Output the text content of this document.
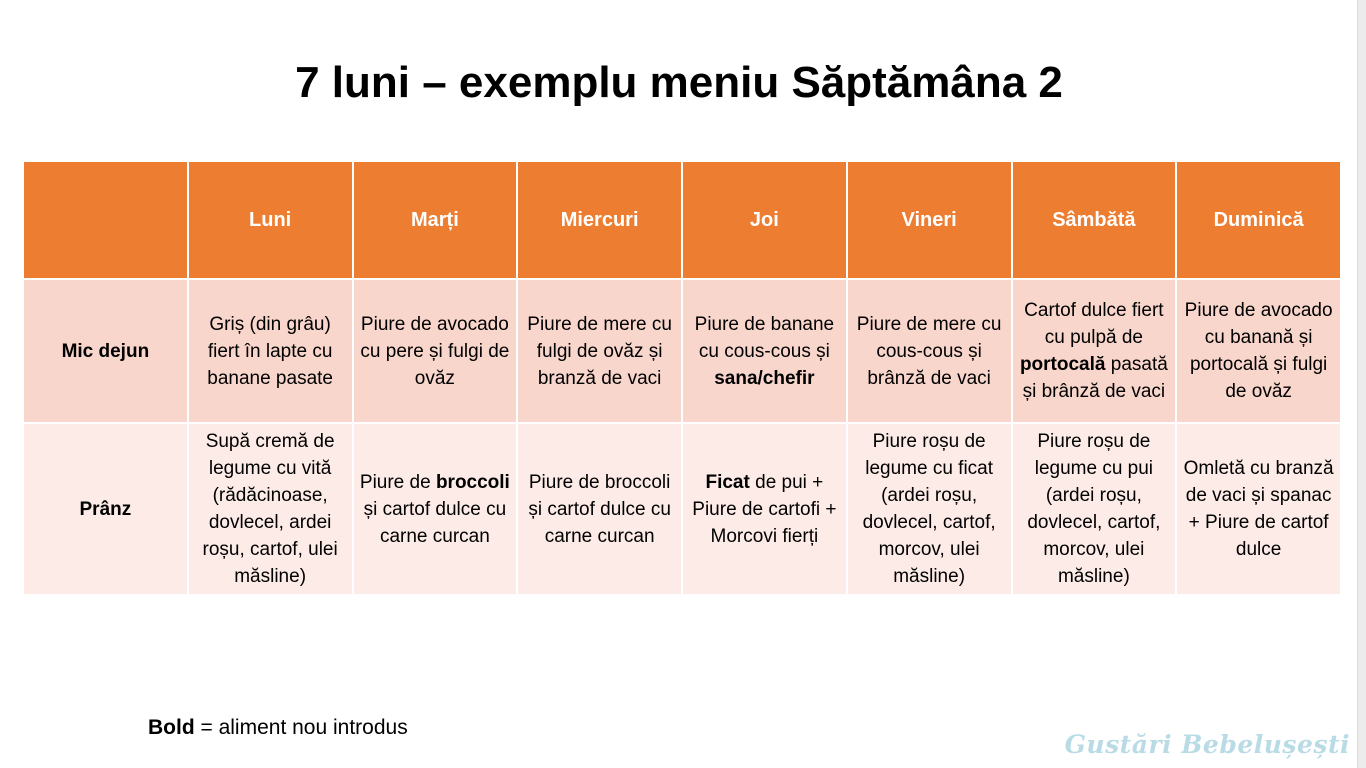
7 luni – exemplu meniu Săptămâna 2
	Luni	Marți	Miercuri	Joi	Vineri	Sâmbătă	Duminică
Mic dejun	Griș (din grâu) fiert în lapte cu banane pasate	Piure de avocado cu pere și fulgi de ovăz	Piure de mere cu fulgi de ovăz și branză de vaci	Piure de banane cu cous-cous și sana/chefir	Piure de mere cu cous-cous și brânză de vaci	Cartof dulce fiert cu pulpă de portocală pasată și brânză de vaci	Piure de avocado cu banană și portocală și fulgi de ovăz
Prânz	Supă cremă de legume cu vită (rădăcinoase, dovlecel, ardei roșu, cartof, ulei măsline)	Piure de broccoli și cartof dulce cu carne curcan	Piure de broccoli și cartof dulce cu carne curcan	Ficat de pui + Piure de cartofi + Morcovi fierți	Piure roșu de legume cu ficat (ardei roșu, dovlecel, cartof, morcov, ulei măsline)	Piure roșu de legume cu pui (ardei roșu, dovlecel, cartof, morcov, ulei măsline)	Omletă cu branză de vaci și spanac + Piure de cartof dulce
Bold = aliment nou introdus
Gustări Bebelușești
